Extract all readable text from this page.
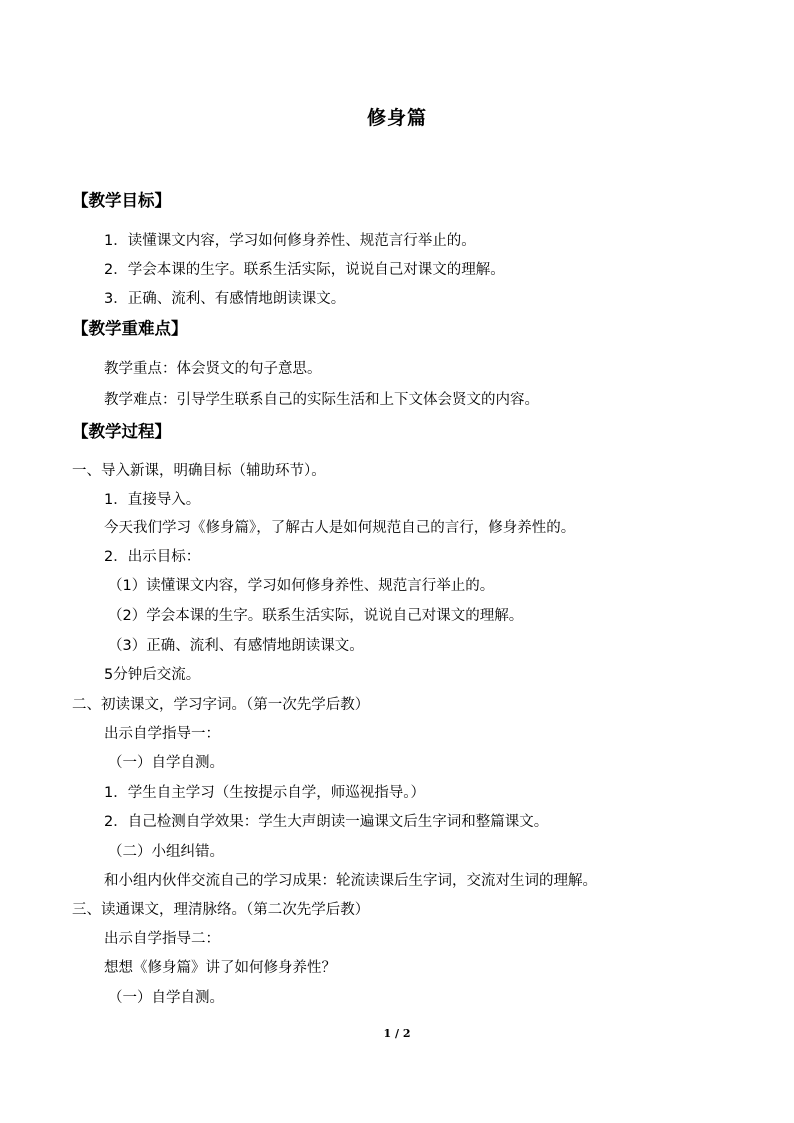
修身篇
【教学目标】
1．读懂课文内容，学习如何修身养性、规范言行举止的。
2．学会本课的生字。联系生活实际，说说自己对课文的理解。
3．正确、流利、有感情地朗读课文。
【教学重难点】
教学重点：体会贤文的句子意思。
教学难点：引导学生联系自己的实际生活和上下文体会贤文的内容。
【教学过程】
一、导入新课，明确目标（辅助环节）。
1．直接导入。
今天我们学习《修身篇》，了解古人是如何规范自己的言行，修身养性的。
2．出示目标：
（1）读懂课文内容，学习如何修身养性、规范言行举止的。
（2）学会本课的生字。联系生活实际，说说自己对课文的理解。
（3）正确、流利、有感情地朗读课文。
5分钟后交流。
二、初读课文，学习字词。（第一次先学后教）
出示自学指导一：
（一）自学自测。
1．学生自主学习（生按提示自学，师巡视指导。）
2．自己检测自学效果：学生大声朗读一遍课文后生字词和整篇课文。
（二）小组纠错。
和小组内伙伴交流自己的学习成果：轮流读课后生字词，交流对生词的理解。
三、读通课文，理清脉络。（第二次先学后教）
出示自学指导二：
想想《修身篇》讲了如何修身养性？
（一）自学自测。
1 / 2
